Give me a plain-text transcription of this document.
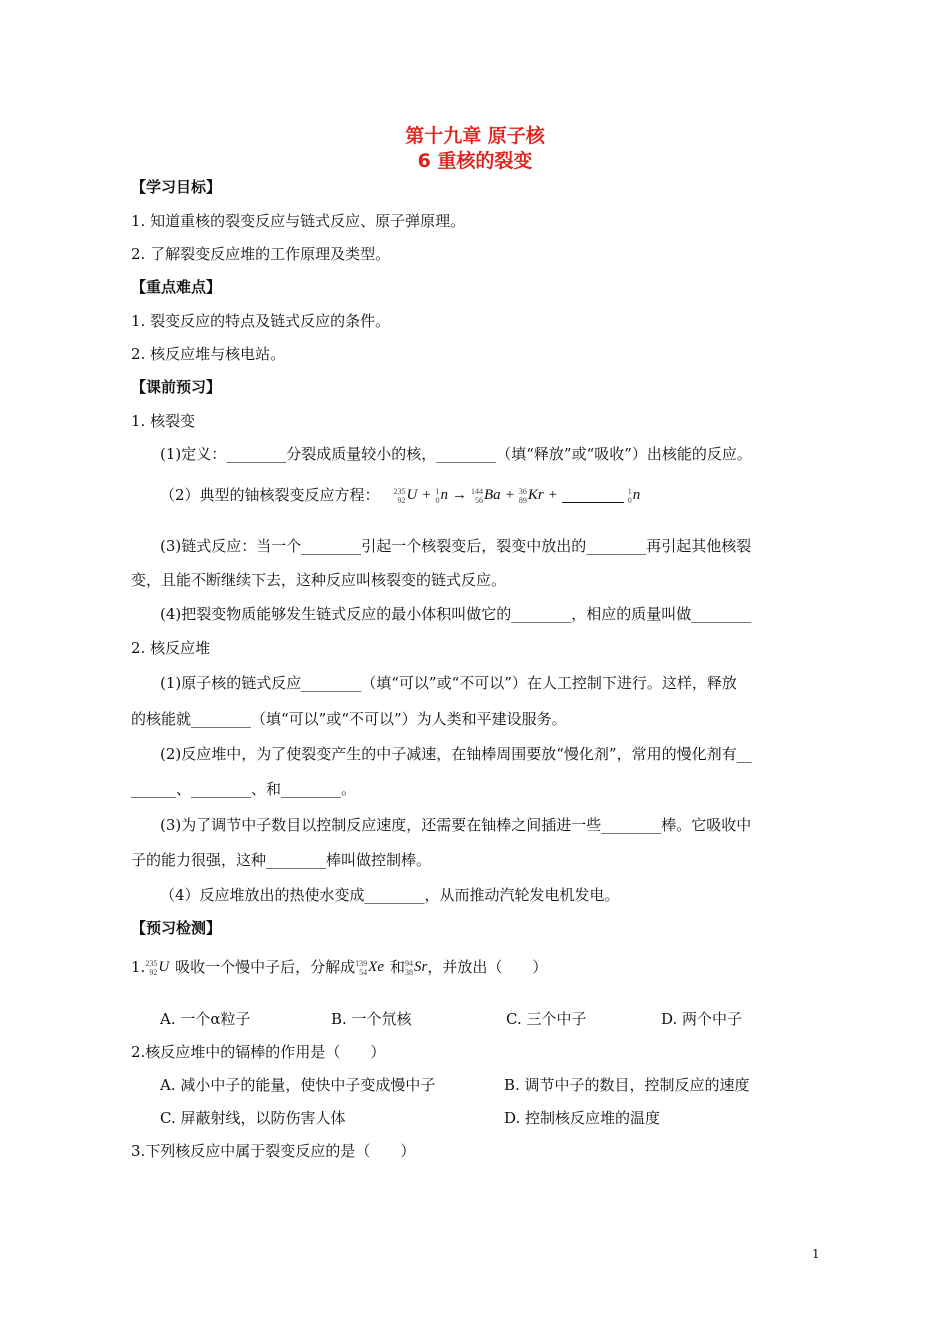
第十九章 原子核
6 重核的裂变
【学习目标】
1. 知道重核的裂变反应与链式反应、原子弹原理。
2. 了解裂变反应堆的工作原理及类型。
【重点难点】
1. 裂变反应的特点及链式反应的条件。
2. 核反应堆与核电站。
【课前预习】
1. 核裂变
(1)定义：________分裂成质量较小的核，________（填“释放”或“吸收”）出核能的反应。
（2）典型的铀核裂变反应方程： 235
92 U + 1
0 n → 144
56 Ba + 36
89 Kr +	1
0 n
(3)链式反应：当一个________引起一个核裂变后，裂变中放出的________再引起其他核裂
变，且能不断继续下去，这种反应叫核裂变的链式反应。
(4)把裂变物质能够发生链式反应的最小体积叫做它的________，相应的质量叫做________
2. 核反应堆
(1)原子核的链式反应________（填“可以”或“不可以”）在人工控制下进行。这样，释放
的核能就________（填“可以”或“不可以”）为人类和平建设服务。
(2)反应堆中，为了使裂变产生的中子减速，在铀棒周围要放“慢化剂”，常用的慢化剂有__
______、________、和________。
(3)为了调节中子数目以控制反应速度，还需要在铀棒之间插进一些________棒。它吸收中
子的能力很强，这种________棒叫做控制棒。
（4）反应堆放出的热使水变成________，从而推动汽轮发电机发电。
【预习检测】
1. 235
92 U 吸收一个慢中子后，分解成 139
54 Xe 和 94
38 Sr ，并放出（　　）
A. 一个α粒子	B. 一个氘核	C. 三个中子	D. 两个中子
2.核反应堆中的镉棒的作用是（　　）
A. 减小中子的能量，使快中子变成慢中子	B. 调节中子的数目，控制反应的速度
C. 屏蔽射线，以防伤害人体	D. 控制核反应堆的温度
3.下列核反应中属于裂变反应的是（　　）
1
